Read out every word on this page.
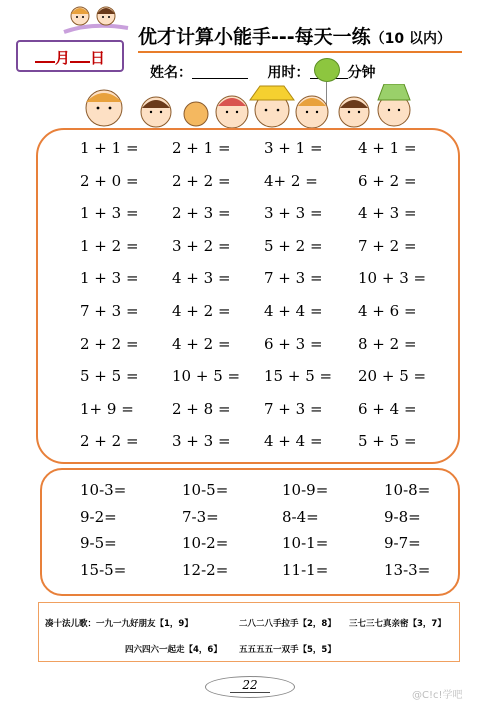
月 日
优才计算小能手---每天一练（10 以内）
姓名：	用时：	分钟
1 + 1 = 2 + 1 = 3 + 1 = 4 + 1 =
2 + 0 = 2 + 2 = 4+ 2 =	6 + 2 =
1 + 3 = 2 + 3 = 3 + 3 = 4 + 3 =
1 + 2 = 3 + 2 = 5 + 2 = 7 + 2 =
1 + 3 = 4 + 3 = 7 + 3 = 10 + 3 =
7 + 3 = 4 + 2 = 4 + 4 = 4 + 6 =
2 + 2 = 4 + 2 = 6 + 3 = 8 + 2 =
5 + 5 = 10 + 5 = 15 + 5 = 20 + 5 =
1+ 9 =	2 + 8 = 7 + 3 = 6 + 4 =
2 + 2 = 3 + 3 = 4 + 4 = 5 + 5 =
10-3=	10-5=	10-9=	10-8=
9-2=	7-3=	8-4=	9-8=
9-5=	10-2=	10-1=	9-7=
15-5=	12-2=	11-1=	13-3=
凑十法儿歌：一九一九好朋友【1，9】	二八二八手拉手【2，8】 三七三七真亲密【3，7】
四六四六一起走【4，6】 五五五五一双手【5，5】
22
@C!c!学吧
